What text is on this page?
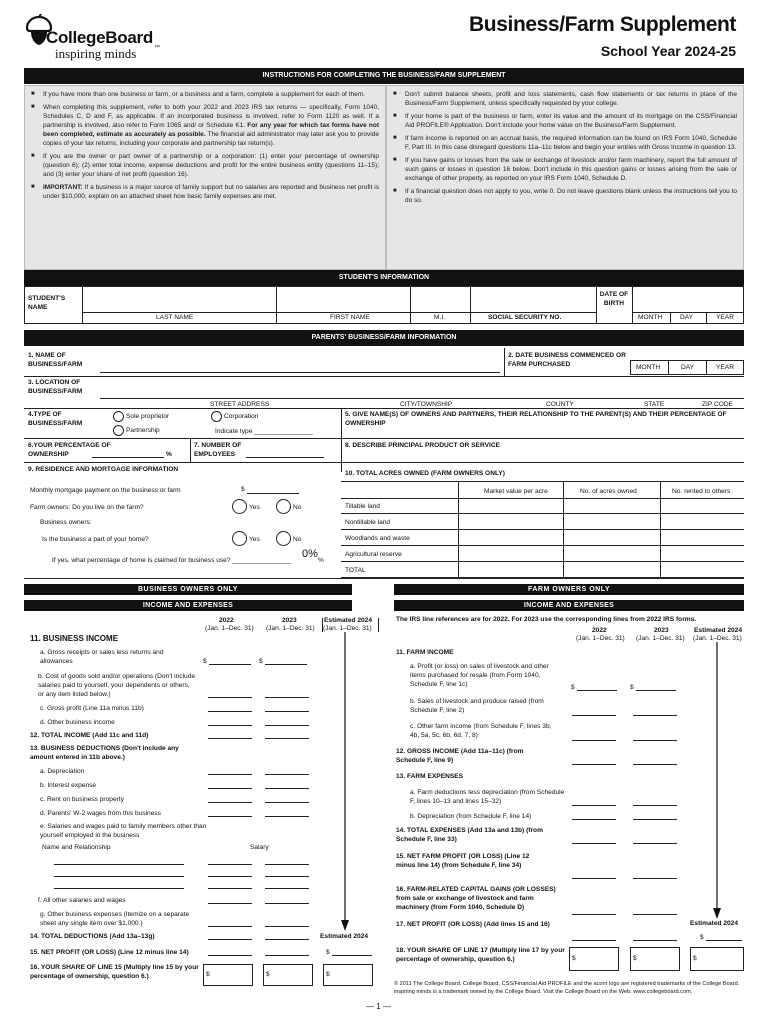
CollegeBoard
inspiring minds	™
Business/Farm Supplement
School Year 2024-25
INSTRUCTIONS FOR COMPLETING THE BUSINESS/FARM SUPPLEMENT
■ If you have more than one business or farm, or a business and a farm, complete a supplement for each of them.
■ When completing this supplement, refer to both your 2022 and 2023 IRS tax returns — specifically, Form 1040, Schedules C, D and F, as applicable. If an incorporated business is involved, refer to Form 1120 as well. If a partnership is involved, also refer to Form 1065 and/ or Schedule K1. For any year for which tax forms have not been completed, estimate as accurately as possible. The financial aid administrator may later ask you to provide copies of your tax returns, including your corporate and partnership tax return(s).
■ If you are the owner or part owner of a partnership or a corporation: (1) enter your percentage of ownership (question 6); (2) enter total income, expense deductions and profit for the entire business entity (questions 11–15); and (3) enter your share of net profit (question 16).
■ IMPORTANT: If a business is a major source of family support but no salaries are reported and business net profit is under $10,000, explain on an attached sheet how basic family expenses are met.
■ Don't submit balance sheets, profit and loss statements, cash flow statements or tax returns in place of the Business/Farm Supplement, unless specifically requested by your college.
■ If your home is part of the business or farm, enter its value and the amount of its mortgage on the CSS/Financial Aid PROFILE® Application. Don't include your home value on the Business/Farm Supplement.
■ If farm income is reported on an accrual basis, the required information can be found on IRS Form 1040, Schedule F, Part III. In this case disregard questions 11a–11c below and begin your entries with Gross Income in question 13.
■ If you have gains or losses from the sale or exchange of livestock and/or farm machinery, report the full amount of such gains or losses in question 16 below. Don't include in this question gains or losses arising from the sale or exchange of other property, as reported on your IRS Form 1040, Schedule D.
■ If a financial question does not apply to you, write 0. Do not leave questions blank unless the instructions tell you to do so.
STUDENT'S INFORMATION
STUDENT'S NAME
LAST NAME	FIRST NAME	M.I.	SOCIAL SECURITY NO.
DATE OF BIRTH
MONTH	DAY	YEAR
PARENTS' BUSINESS/FARM INFORMATION
1. NAME OF BUSINESS/FARM
2. DATE BUSINESS COMMENCED OR FARM PURCHASED	MONTH	DAY	YEAR
3. LOCATION OF BUSINESS/FARM
STREET ADDRESS	CITY/TOWNSHIP	COUNTY	STATE	ZIP CODE
4.TYPE OF BUSINESS/FARM
Sole proprietor
Partnership
Corporation
Indicate type ________________
5. GIVE NAME(S) OF OWNERS AND PARTNERS, THEIR RELATIONSHIP TO THE PARENT(S) AND THEIR PERCENTAGE OF OWNERSHIP
6.YOUR PERCENTAGE OF OWNERSHIP	%
7. NUMBER OF EMPLOYEES
8. DESCRIBE PRINCIPAL PRODUCT OR SERVICE
9. RESIDENCE AND MORTGAGE INFORMATION
Monthly mortgage payment on the business or farm	$
Farm owners: Do you live on the farm?	Yes	No
Business owners:
Is the business a part of your home?	Yes	No
If yes, what percentage of home is claimed for business use? ________________
0%
%
10. TOTAL ACRES OWNED (FARM OWNERS ONLY)
Market value per acre	No. of acres owned	No. rented to others
Tillable land
Nontillable land
Woodlands and waste
Agricultural reserve
TOTAL
BUSINESS OWNERS ONLY
INCOME AND EXPENSES
2022	2023	Estimated 2024
(Jan. 1–Dec. 31) (Jan. 1–Dec. 31) (Jan. 1–Dec. 31)
11. BUSINESS INCOME
a. Gross receipts or sales less returns and allowances	$	$
b. Cost of goods sold and/or operations (Don't include salaries paid to yourself, your dependents or others, or any item listed below.)
c. Gross profit (Line 11a minus 11b)
d. Other business income
12. TOTAL INCOME (Add 11c and 11d)
13. BUSINESS DEDUCTIONS (Don't include any amount entered in 11b above.)
a. Depreciation
b. Interest expense
c. Rent on business property
d. Parents' W-2 wages from this business
e. Salaries and wages paid to family members other than yourself employed in the business
Name and Relationship	Salary
f. All other salaries and wages
g. Other business expenses (Itemize on a separate sheet any single item over $1,000.)
14. TOTAL DEDUCTIONS (Add 13a–13g)	Estimated 2024
15. NET PROFIT (OR LOSS) (Line 12 minus line 14)	$
16. YOUR SHARE OF LINE 15 (Multiply line 15 by your percentage of ownership, question 6.)	$	$	$
FARM OWNERS ONLY
INCOME AND EXPENSES
The IRS line references are for 2022. For 2023 use the corresponding lines from 2022 IRS forms.
2022	2023	Estimated 2024
(Jan. 1–Dec. 31) (Jan. 1–Dec. 31) (Jan. 1–Dec. 31)
11. FARM INCOME
a. Profit (or loss) on sales of livestock and other items purchased for resale (from Form 1040, Schedule F, line 1c)	$	$
b. Sales of livestock and produce raised (from Schedule F, line 2)
c. Other farm income (from Schedule F, lines 3b, 4b, 5a, 5c, 6b, 6d, 7, 8)
12. GROSS INCOME (Add 11a–11c) (from Schedule F, line 9)
13. FARM EXPENSES
a. Farm deductions less depreciation (from Schedule F, lines 10–13 and lines 15–32)
b. Depreciation (from Schedule F, line 14)
14. TOTAL EXPENSES (Add 13a and 13b) (from Schedule F, line 33)
15. NET FARM PROFIT (OR LOSS) (Line 12 minus line 14) (from Schedule F, line 34)
16. FARM-RELATED CAPITAL GAINS (OR LOSSES) from sale or exchange of livestock and farm machinery (from Form 1040, Schedule D)
17. NET PROFIT (OR LOSS) (Add lines 15 and 16)	Estimated 2024
$
18. YOUR SHARE OF LINE 17 (Multiply line 17 by your percentage of ownership, question 6.)	$	$	$
© 2011 The College Board. College Board, CSS/Financial Aid PROFILE and the acorn logo are registered trademarks of the College Board. inspiring minds is a trademark owned by the College Board. Visit the College Board on the Web: www.collegeboard.com.
— 1 —
